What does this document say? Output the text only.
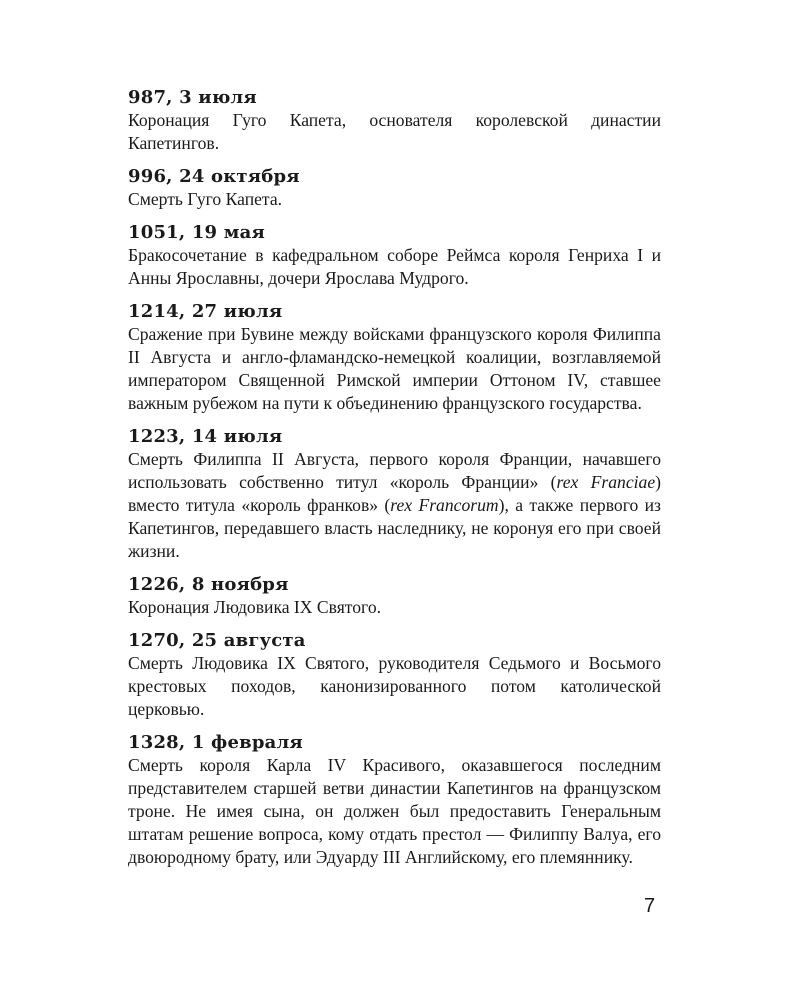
987, 3 июля
Коронация Гуго Капета, основателя королевской династии Капетингов.
996, 24 октября
Смерть Гуго Капета.
1051, 19 мая
Бракосочетание в кафедральном соборе Реймса короля Генриха I и Анны Ярославны, дочери Ярослава Мудрого.
1214, 27 июля
Сражение при Бувине между войсками французского короля Филиппа II Августа и англо-фламандско-немецкой коалиции, возглавляемой императором Священной Римской империи Оттоном IV, ставшее важным рубежом на пути к объединению французского государства.
1223, 14 июля
Смерть Филиппа II Августа, первого короля Франции, начавшего использовать собственно титул «король Франции» (rex Franciae) вместо титула «король франков» (rex Francorum), а также первого из Капетингов, передавшего власть наследнику, не коронуя его при своей жизни.
1226, 8 ноября
Коронация Людовика IX Святого.
1270, 25 августа
Смерть Людовика IX Святого, руководителя Седьмого и Восьмого крестовых походов, канонизированного потом католической церковью.
1328, 1 февраля
Смерть короля Карла IV Красивого, оказавшегося последним представителем старшей ветви династии Капетингов на французском троне. Не имея сына, он должен был предоставить Генеральным штатам решение вопроса, кому отдать престол — Филиппу Валуа, его двоюродному брату, или Эдуарду III Английскому, его племяннику.
7
